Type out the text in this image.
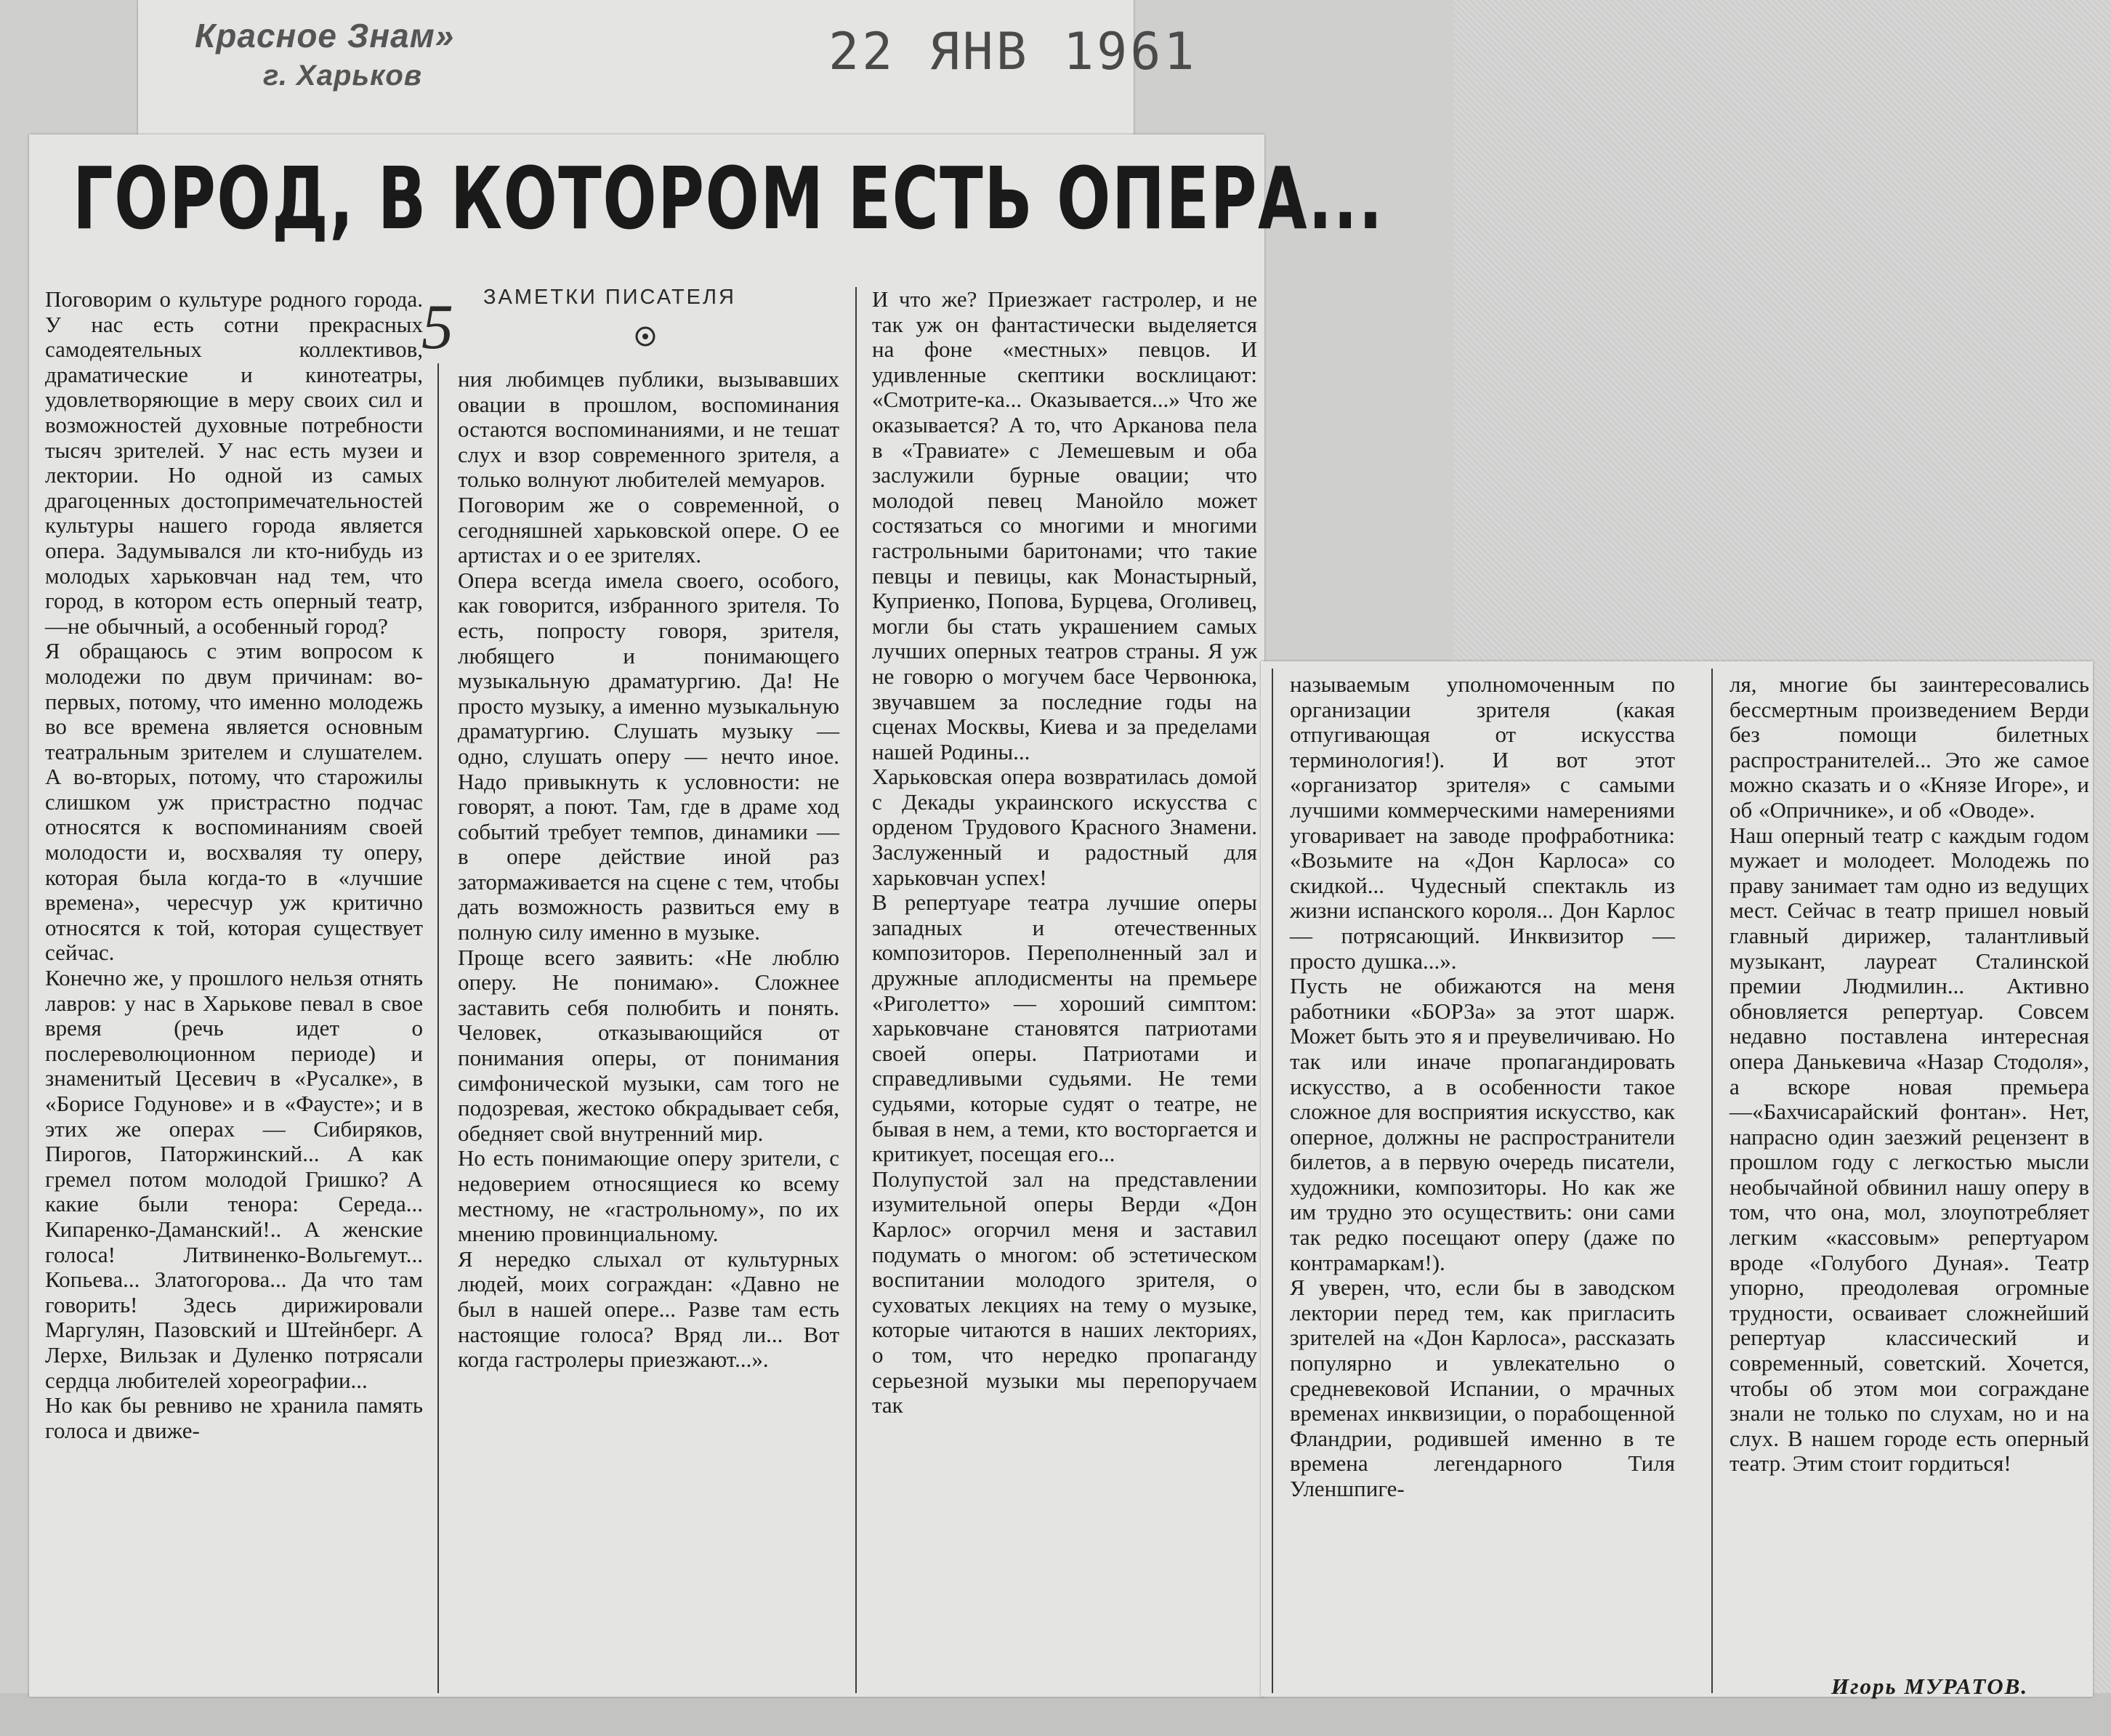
Красное Знам»
г. Харьков	22 ЯНВ 1961
ГОРОД, В КОТОРОМ ЕСТЬ ОПЕРА...
ЗАМЕТКИ ПИСАТЕЛЯ
5

Поговорим о культуре родного города. У нас есть сотни прекрасных самодеятельных коллективов, драматические и кинотеатры, удовлетворяющие в меру своих сил и возможностей духовные потребности тысяч зрителей. У нас есть музеи и лектории. Но одной из самых драгоценных достопримечательностей культуры нашего города является опера. Задумывался ли кто-нибудь из молодых харьковчан над тем, что город, в котором есть оперный театр,—не обычный, а особенный город?
Я обращаюсь с этим вопросом к молодежи по двум причинам: во-первых, потому, что именно молодежь во все времена является основным театральным зрителем и слушателем. А во-вторых, потому, что старожилы слишком уж пристрастно подчас относятся к воспоминаниям своей молодости и, восхваляя ту оперу, которая была когда-то в «лучшие времена», чересчур уж критично относятся к той, которая существует сейчас.
Конечно же, у прошлого нельзя отнять лавров: у нас в Харькове певал в свое время (речь идет о послереволюционном периоде) и знаменитый Цесевич в «Русалке», в «Борисе Годунове» и в «Фаусте»; и в этих же операх — Сибиряков, Пирогов, Паторжинский... А как гремел потом молодой Гришко? А какие были тенора: Середа... Кипаренко-Даманский!.. А женские голоса! Литвиненко-Вольгемут... Копьева... Златогорова... Да что там говорить! Здесь дирижировали Маргулян, Пазовский и Штейнберг. А Лерхе, Вильзак и Дуленко потрясали сердца любителей хореографии...
Но как бы ревниво не хранила память голоса и движе-

ния любимцев публики, вызывавших овации в прошлом, воспоминания остаются воспоминаниями, и не тешат слух и взор современного зрителя, а только волнуют любителей мемуаров.
Поговорим же о современной, о сегодняшней харьковской опере. О ее артистах и о ее зрителях.
Опера всегда имела своего, особого, как говорится, избранного зрителя. То есть, попросту говоря, зрителя, любящего и понимающего музыкальную драматургию. Да! Не просто музыку, а именно музыкальную драматургию. Слушать музыку — одно, слушать оперу — нечто иное. Надо привыкнуть к условности: не говорят, а поют. Там, где в драме ход событий требует темпов, динамики — в опере действие иной раз затормаживается на сцене с тем, чтобы дать возможность развиться ему в полную силу именно в музыке.
Проще всего заявить: «Не люблю оперу. Не понимаю». Сложнее заставить себя полюбить и понять. Человек, отказывающийся от понимания оперы, от понимания симфонической музыки, сам того не подозревая, жестоко обкрадывает себя, обедняет свой внутренний мир.
Но есть понимающие оперу зрители, с недоверием относящиеся ко всему местному, не «гастрольному», по их мнению провинциальному.
Я нередко слыхал от культурных людей, моих сограждан: «Давно не был в нашей опере... Разве там есть настоящие голоса? Вряд ли... Вот когда гастролеры приезжают...».

И что же? Приезжает гастролер, и не так уж он фантастически выделяется на фоне «местных» певцов. И удивленные скептики восклицают: «Смотрите-ка... Оказывается...» Что же оказывается? А то, что Арканова пела в «Травиате» с Лемешевым и оба заслужили бурные овации; что молодой певец Манойло может состязаться со многими и многими гастрольными баритонами; что такие певцы и певицы, как Монастырный, Куприенко, Попова, Бурцева, Оголивец, могли бы стать украшением самых лучших оперных театров страны. Я уж не говорю о могучем басе Червонюка, звучавшем за последние годы на сценах Москвы, Киева и за пределами нашей Родины...
Харьковская опера возвратилась домой с Декады украинского искусства с орденом Трудового Красного Знамени. Заслуженный и радостный для харьковчан успех!
В репертуаре театра лучшие оперы западных и отечественных композиторов. Переполненный зал и дружные аплодисменты на премьере «Риголетто» — хороший симптом: харьковчане становятся патриотами своей оперы. Патриотами и справедливыми судьями. Не теми судьями, которые судят о театре, не бывая в нем, а теми, кто восторгается и критикует, посещая его...
Полупустой зал на представлении изумительной оперы Верди «Дон Карлос» огорчил меня и заставил подумать о многом: об эстетическом воспитании молодого зрителя, о суховатых лекциях на тему о музыке, которые читаются в наших лекториях, о том, что нередко пропаганду серьезной музыки мы перепоручаем так

называемым уполномоченным по организации зрителя (какая отпугивающая от искусства терминология!). И вот этот «организатор зрителя» с самыми лучшими коммерческими намерениями уговаривает на заводе профработника: «Возьмите на «Дон Карлоса» со скидкой... Чудесный спектакль из жизни испанского короля... Дон Карлос — потрясающий. Инквизитор — просто душка...».
Пусть не обижаются на меня работники «БОРЗа» за этот шарж. Может быть это я и преувеличиваю. Но так или иначе пропагандировать искусство, а в особенности такое сложное для восприятия искусство, как оперное, должны не распространители билетов, а в первую очередь писатели, художники, композиторы. Но как же им трудно это осуществить: они сами так редко посещают оперу (даже по контрамаркам!).
Я уверен, что, если бы в заводском лектории перед тем, как пригласить зрителей на «Дон Карлоса», рассказать популярно и увлекательно о средневековой Испании, о мрачных временах инквизиции, о порабощенной Фландрии, родившей именно в те времена легендарного Тиля Уленшпиге-

ля, многие бы заинтересовались бессмертным произведением Верди без помощи билетных распространителей... Это же самое можно сказать и о «Князе Игоре», и об «Опричнике», и об «Оводе».
Наш оперный театр с каждым годом мужает и молодеет. Молодежь по праву занимает там одно из ведущих мест. Сейчас в театр пришел новый главный дирижер, талантливый музыкант, лауреат Сталинской премии Людмилин... Активно обновляется репертуар. Совсем недавно поставлена интересная опера Данькевича «Назар Стодоля», а вскоре новая премьера—«Бахчисарайский фонтан». Нет, напрасно один заезжий рецензент в прошлом году с легкостью мысли необычайной обвинил нашу оперу в том, что она, мол, злоупотребляет легким «кассовым» репертуаром вроде «Голубого Дуная». Театр упорно, преодолевая огромные трудности, осваивает сложнейший репертуар классический и современный, советский. Хочется, чтобы об этом мои сограждане знали не только по слухам, но и на слух. В нашем городе есть оперный театр. Этим стоит гордиться!

Игорь МУРАТОВ.
